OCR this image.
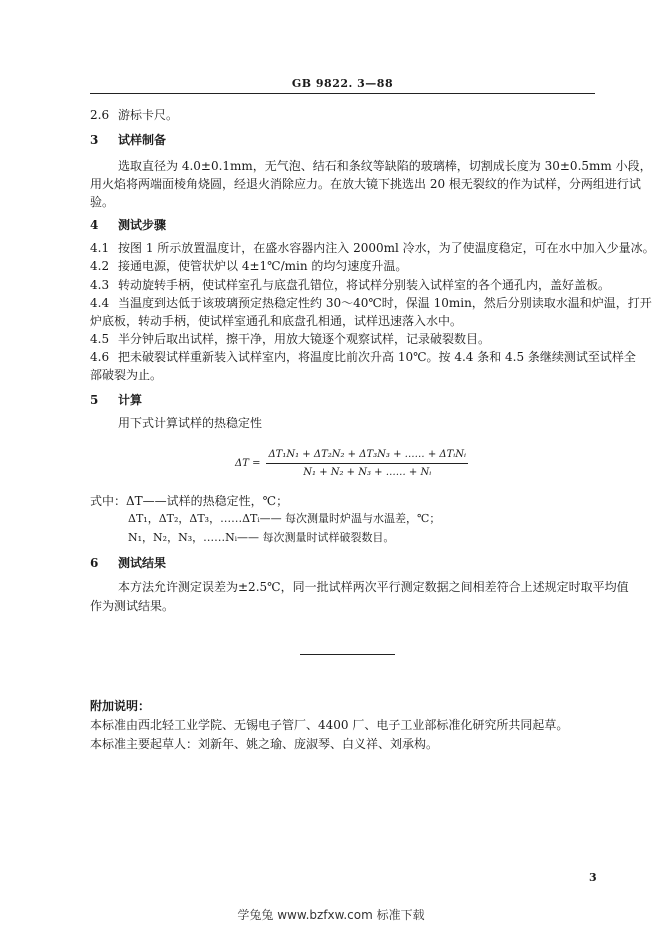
GB 9822. 3—88
2.6 游标卡尺。
3 试样制备
选取直径为 4.0±0.1mm，无气泡、结石和条纹等缺陷的玻璃棒，切割成长度为 30±0.5mm 小段，
用火焰将两端面棱角烧圆，经退火消除应力。在放大镜下挑选出 20 根无裂纹的作为试样，分两组进行试
验。
4 测试步骤
4.1 按图 1 所示放置温度计，在盛水容器内注入 2000ml 冷水，为了使温度稳定，可在水中加入少量冰。
4.2 接通电源，使管状炉以 4±1℃/min 的均匀速度升温。
4.3 转动旋转手柄，使试样室孔与底盘孔错位，将试样分别装入试样室的各个通孔内，盖好盖板。
4.4 当温度到达低于该玻璃预定热稳定性约 30～40℃时，保温 10min，然后分别读取水温和炉温，打开
炉底板，转动手柄，使试样室通孔和底盘孔相通，试样迅速落入水中。
4.5 半分钟后取出试样，擦干净，用放大镜逐个观察试样，记录破裂数目。
4.6 把未破裂试样重新装入试样室内，将温度比前次升高 10℃。按 4.4 条和 4.5 条继续测试至试样全
部破裂为止。
5 计算
用下式计算试样的热稳定性
$\Delta T = \frac{\text{ΔT₁N₁ + ΔT₂N₂ + ΔT₃N₃ + …… + ΔTᵢNᵢ}}{\text{N₁ + N₂ + N₃ + …… + Nᵢ}}$
式中：ΔT——试样的热稳定性，℃；
ΔT₁，ΔT₂，ΔT₃，……ΔTᵢ—— 每次测量时炉温与水温差，℃；
N₁，N₂，N₃，……Nᵢ—— 每次测量时试样破裂数目。
6 测试结果
本方法允许测定误差为±2.5℃，同一批试样两次平行测定数据之间相差符合上述规定时取平均值
作为测试结果。
附加说明：
本标准由西北轻工业学院、无锡电子管厂、4400 厂、电子工业部标准化研究所共同起草。
本标准主要起草人：刘新年、姚之瑜、庞淑琴、白义祥、刘承构。
3
学兔兔 www.bzfxw.com 标准下载
